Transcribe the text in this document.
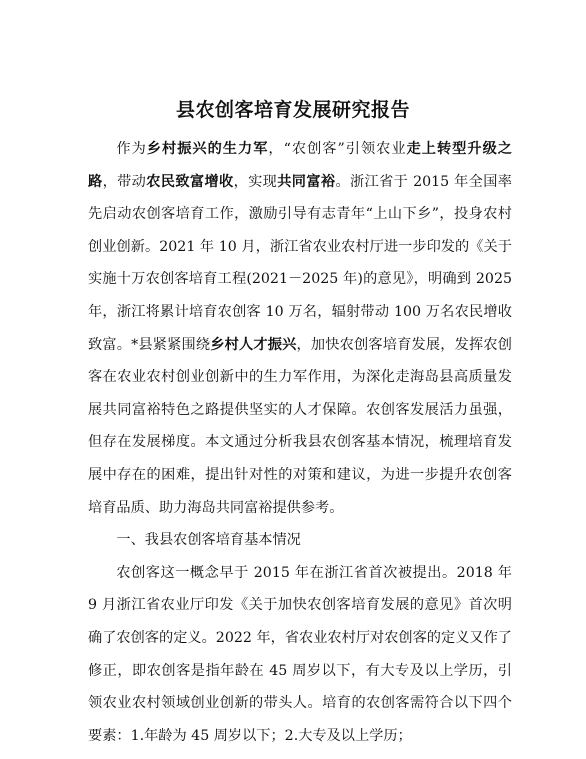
县农创客培育发展研究报告

作为乡村振兴的生力军，“农创客”引领农业走上转型升级之路，带动农民致富增收，实现共同富裕。浙江省于 2015 年全国率先启动农创客培育工作，激励引导有志青年“上山下乡”，投身农村创业创新。2021 年 10 月，浙江省农业农村厅进一步印发的《关于实施十万农创客培育工程(2021－2025 年)的意见》，明确到 2025 年，浙江将累计培育农创客 10 万名，辐射带动 100 万名农民增收致富。*县紧紧围绕乡村人才振兴，加快农创客培育发展，发挥农创客在农业农村创业创新中的生力军作用，为深化走海岛县高质量发展共同富裕特色之路提供坚实的人才保障。农创客发展活力虽强，但存在发展梯度。本文通过分析我县农创客基本情况，梳理培育发展中存在的困难，提出针对性的对策和建议，为进一步提升农创客培育品质、助力海岛共同富裕提供参考。

一、我县农创客培育基本情况

农创客这一概念早于 2015 年在浙江省首次被提出。2018 年 9 月浙江省农业厅印发《关于加快农创客培育发展的意见》首次明确了农创客的定义。2022 年，省农业农村厅对农创客的定义又作了修正，即农创客是指年龄在 45 周岁以下，有大专及以上学历，引领农业农村领域创业创新的带头人。培育的农创客需符合以下四个要素：1.年龄为 45 周岁以下；2.大专及以上学历；
